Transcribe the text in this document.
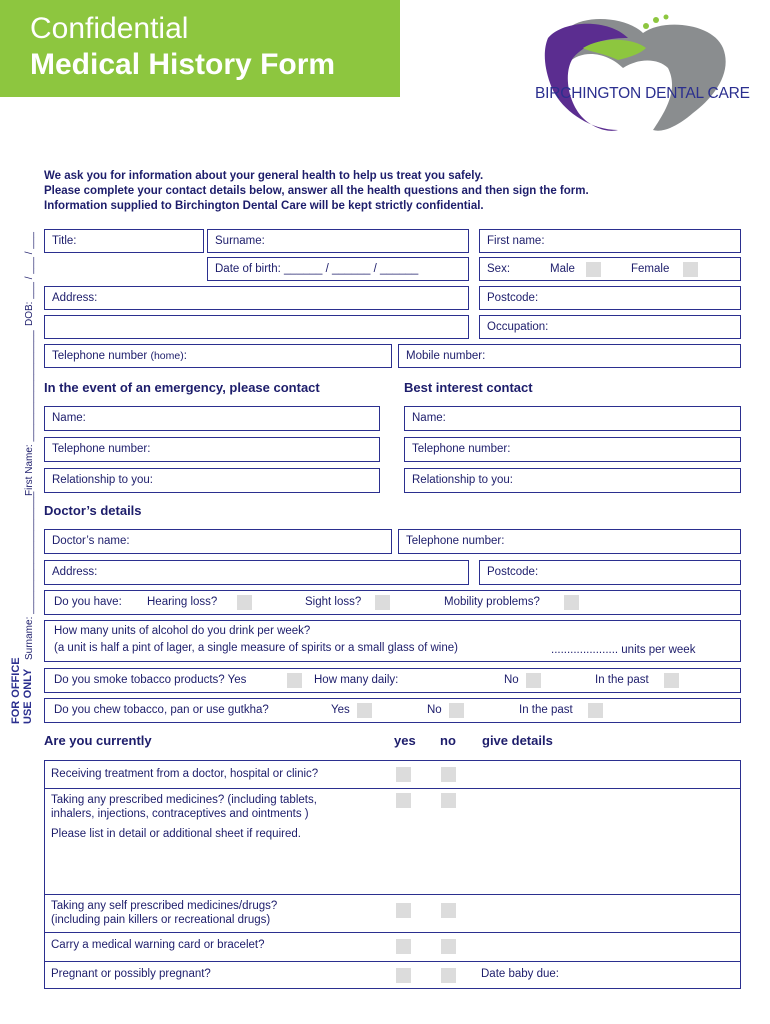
Confidential
Medical History Form
BIRCHINGTON DENTAL CARE
We ask you for information about your general health to help us treat you safely.
Please complete your contact details below, answer all the health questions and then sign the form.
Information supplied to Birchington Dental Care will be kept strictly confidential.
DOB: ___ / ___ / ___
First Name: ____________________
Surname: ______________________
FOR OFFICE USE ONLY
Title:	Surname:	First name:
Date of birth: ______ / ______ / ______	Sex:	Male	Female
Address:	Postcode:
Occupation:
Telephone number (home):	Mobile number:
In the event of an emergency, please contact	Best interest contact
Name:	Name:
Telephone number:	Telephone number:
Relationship to you:	Relationship to you:
Doctor’s details
Doctor’s name:	Telephone number:
Address:	Postcode:
Do you have: Hearing loss?	Sight loss?	Mobility problems?
How many units of alcohol do you drink per week?
(a unit is half a pint of lager, a single measure of spirits or a small glass of wine)	..................... units per week
Do you smoke tobacco products? Yes	How many daily:	No	In the past
Do you chew tobacco, pan or use gutkha?	Yes	No	In the past
Are you currently	yes no give details
Receiving treatment from a doctor, hospital or clinic?
Taking any prescribed medicines? (including tablets,
inhalers, injections, contraceptives and ointments )
Please list in detail or additional sheet if required.
Taking any self prescribed medicines/drugs?
(including pain killers or recreational drugs)
Carry a medical warning card or bracelet?
Pregnant or possibly pregnant?	Date baby due:
